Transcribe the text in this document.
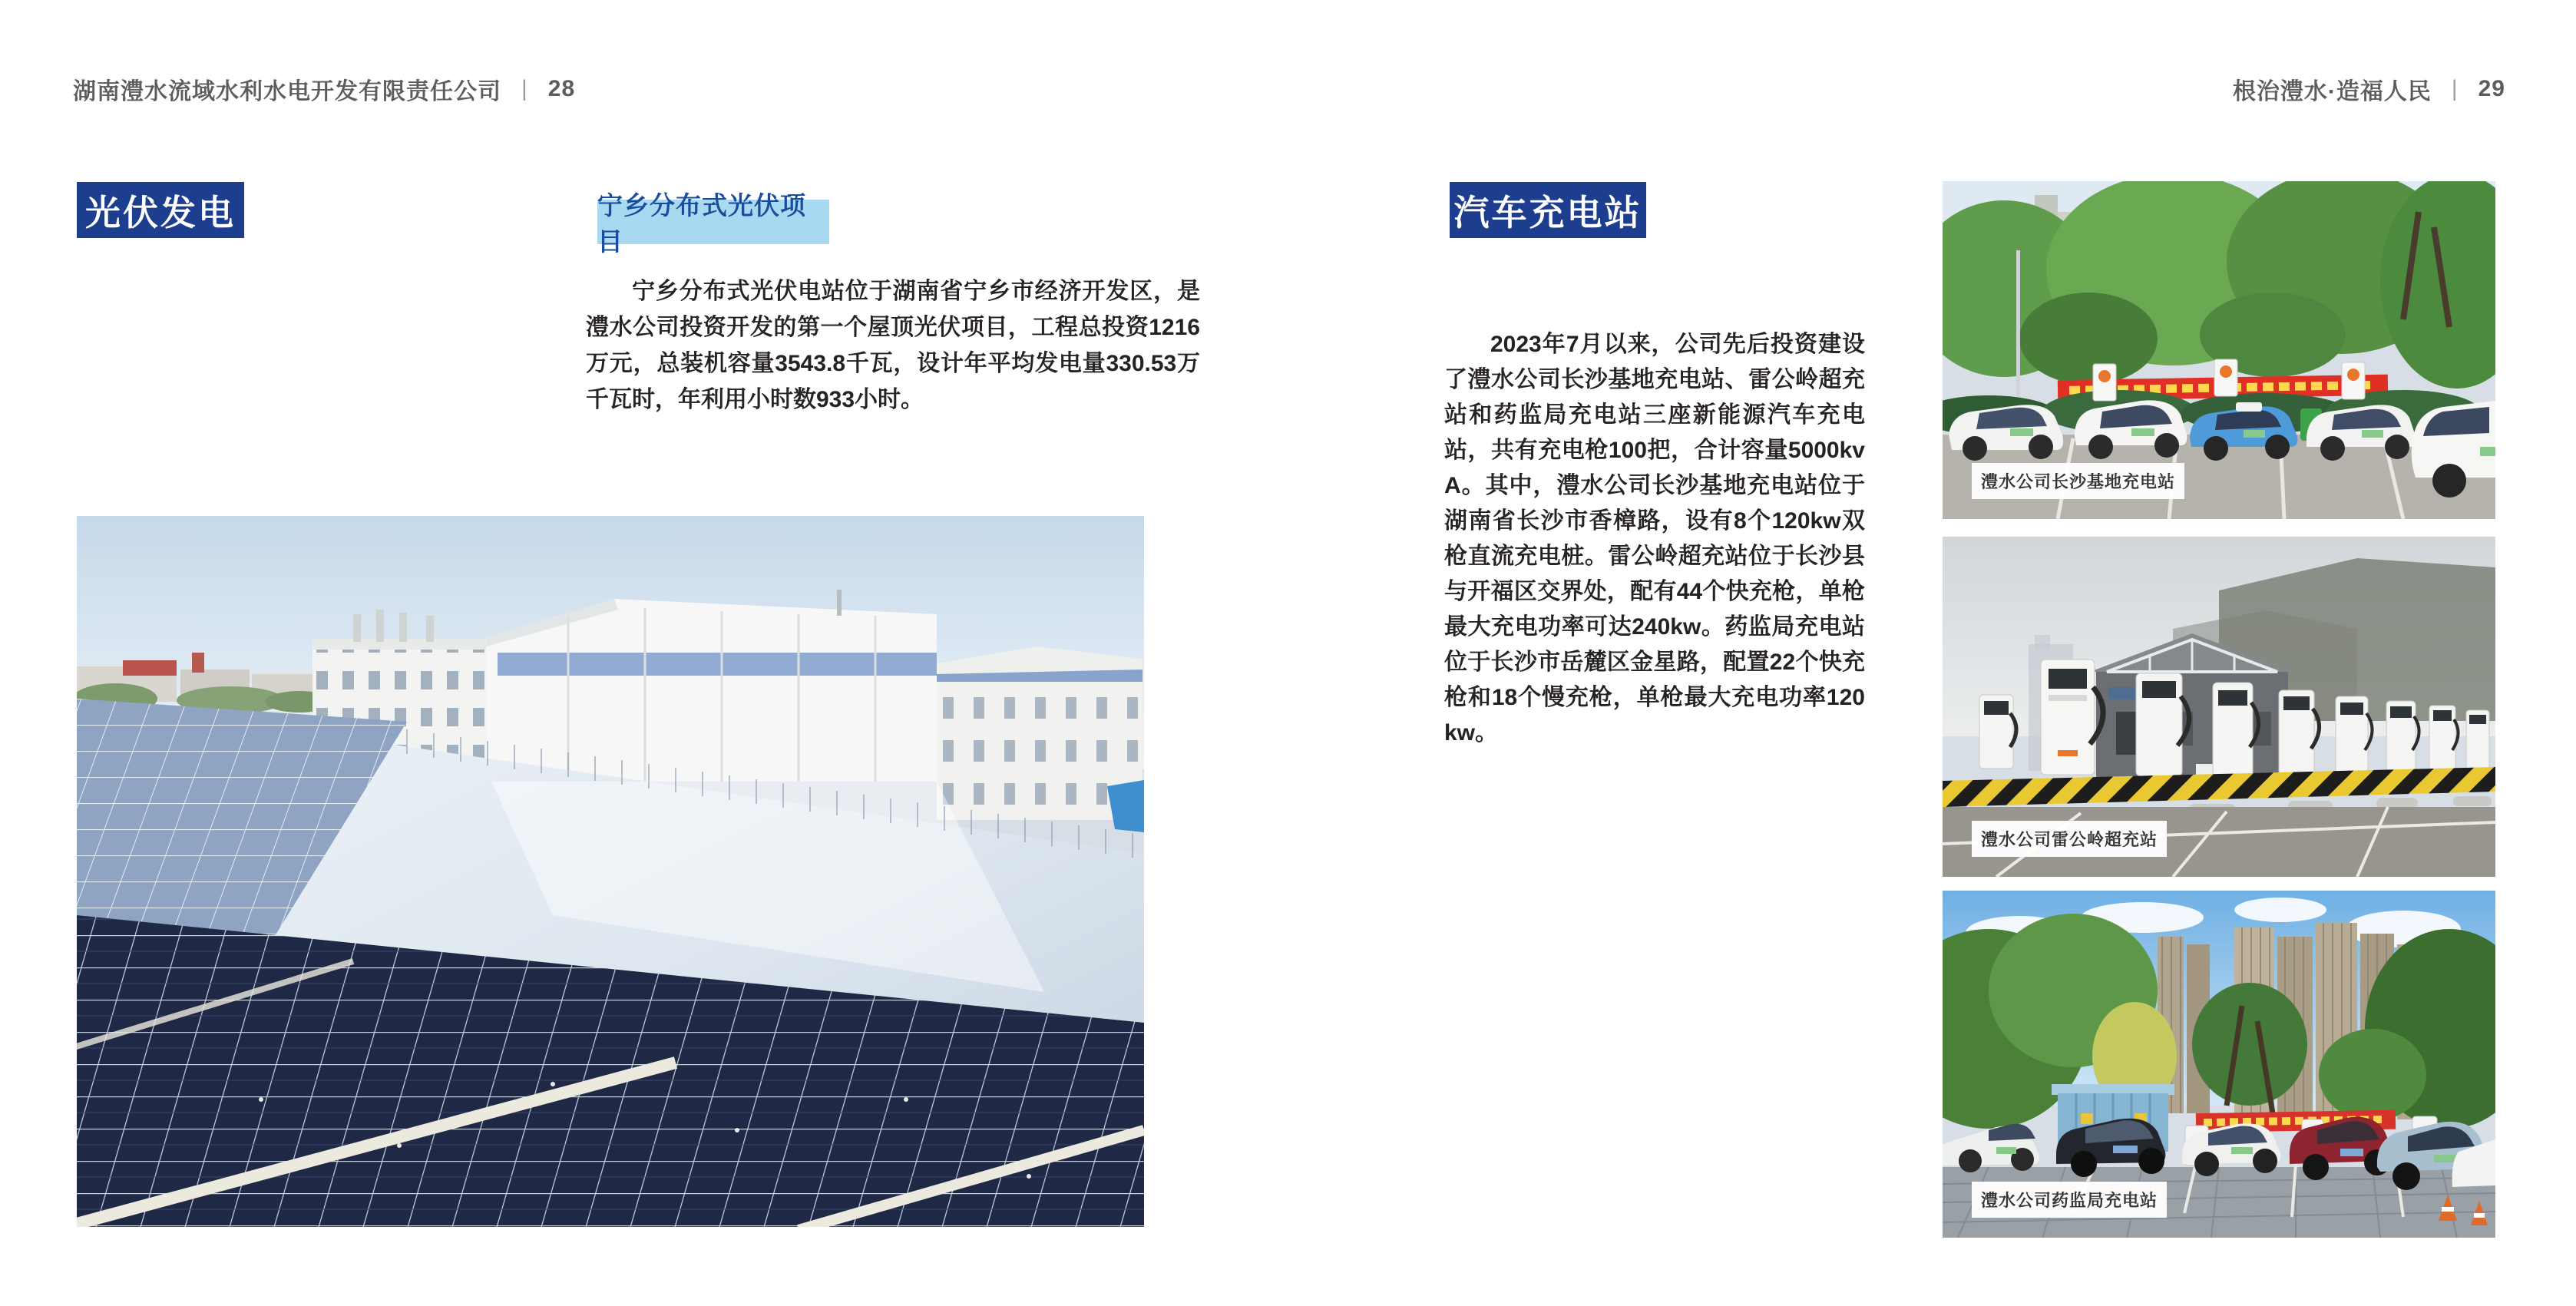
湖南澧水流域水利水电开发有限责任公司 | 28	根治澧水·造福人民 | 29
光伏发电	宁乡分布式光伏项目

宁乡分布式光伏电站位于湖南省宁乡市经济开发区，是澧水公司投资开发的第一个屋顶光伏项目，工程总投资1216万元，总装机容量3543.8千瓦，设计年平均发电量330.53万千瓦时，年利用小时数933小时。

汽车充电站

2023年7月以来，公司先后投资建设了澧水公司长沙基地充电站、雷公岭超充站和药监局充电站三座新能源汽车充电站，共有充电枪100把，合计容量5000kvA。其中，澧水公司长沙基地充电站位于湖南省长沙市香樟路，设有8个120kw双枪直流充电桩。雷公岭超充站位于长沙县与开福区交界处，配有44个快充枪，单枪最大充电功率可达240kw。药监局充电站位于长沙市岳麓区金星路，配置22个快充枪和18个慢充枪，单枪最大充电功率120kw。

澧水公司长沙基地充电站
澧水公司雷公岭超充站
澧水公司药监局充电站
